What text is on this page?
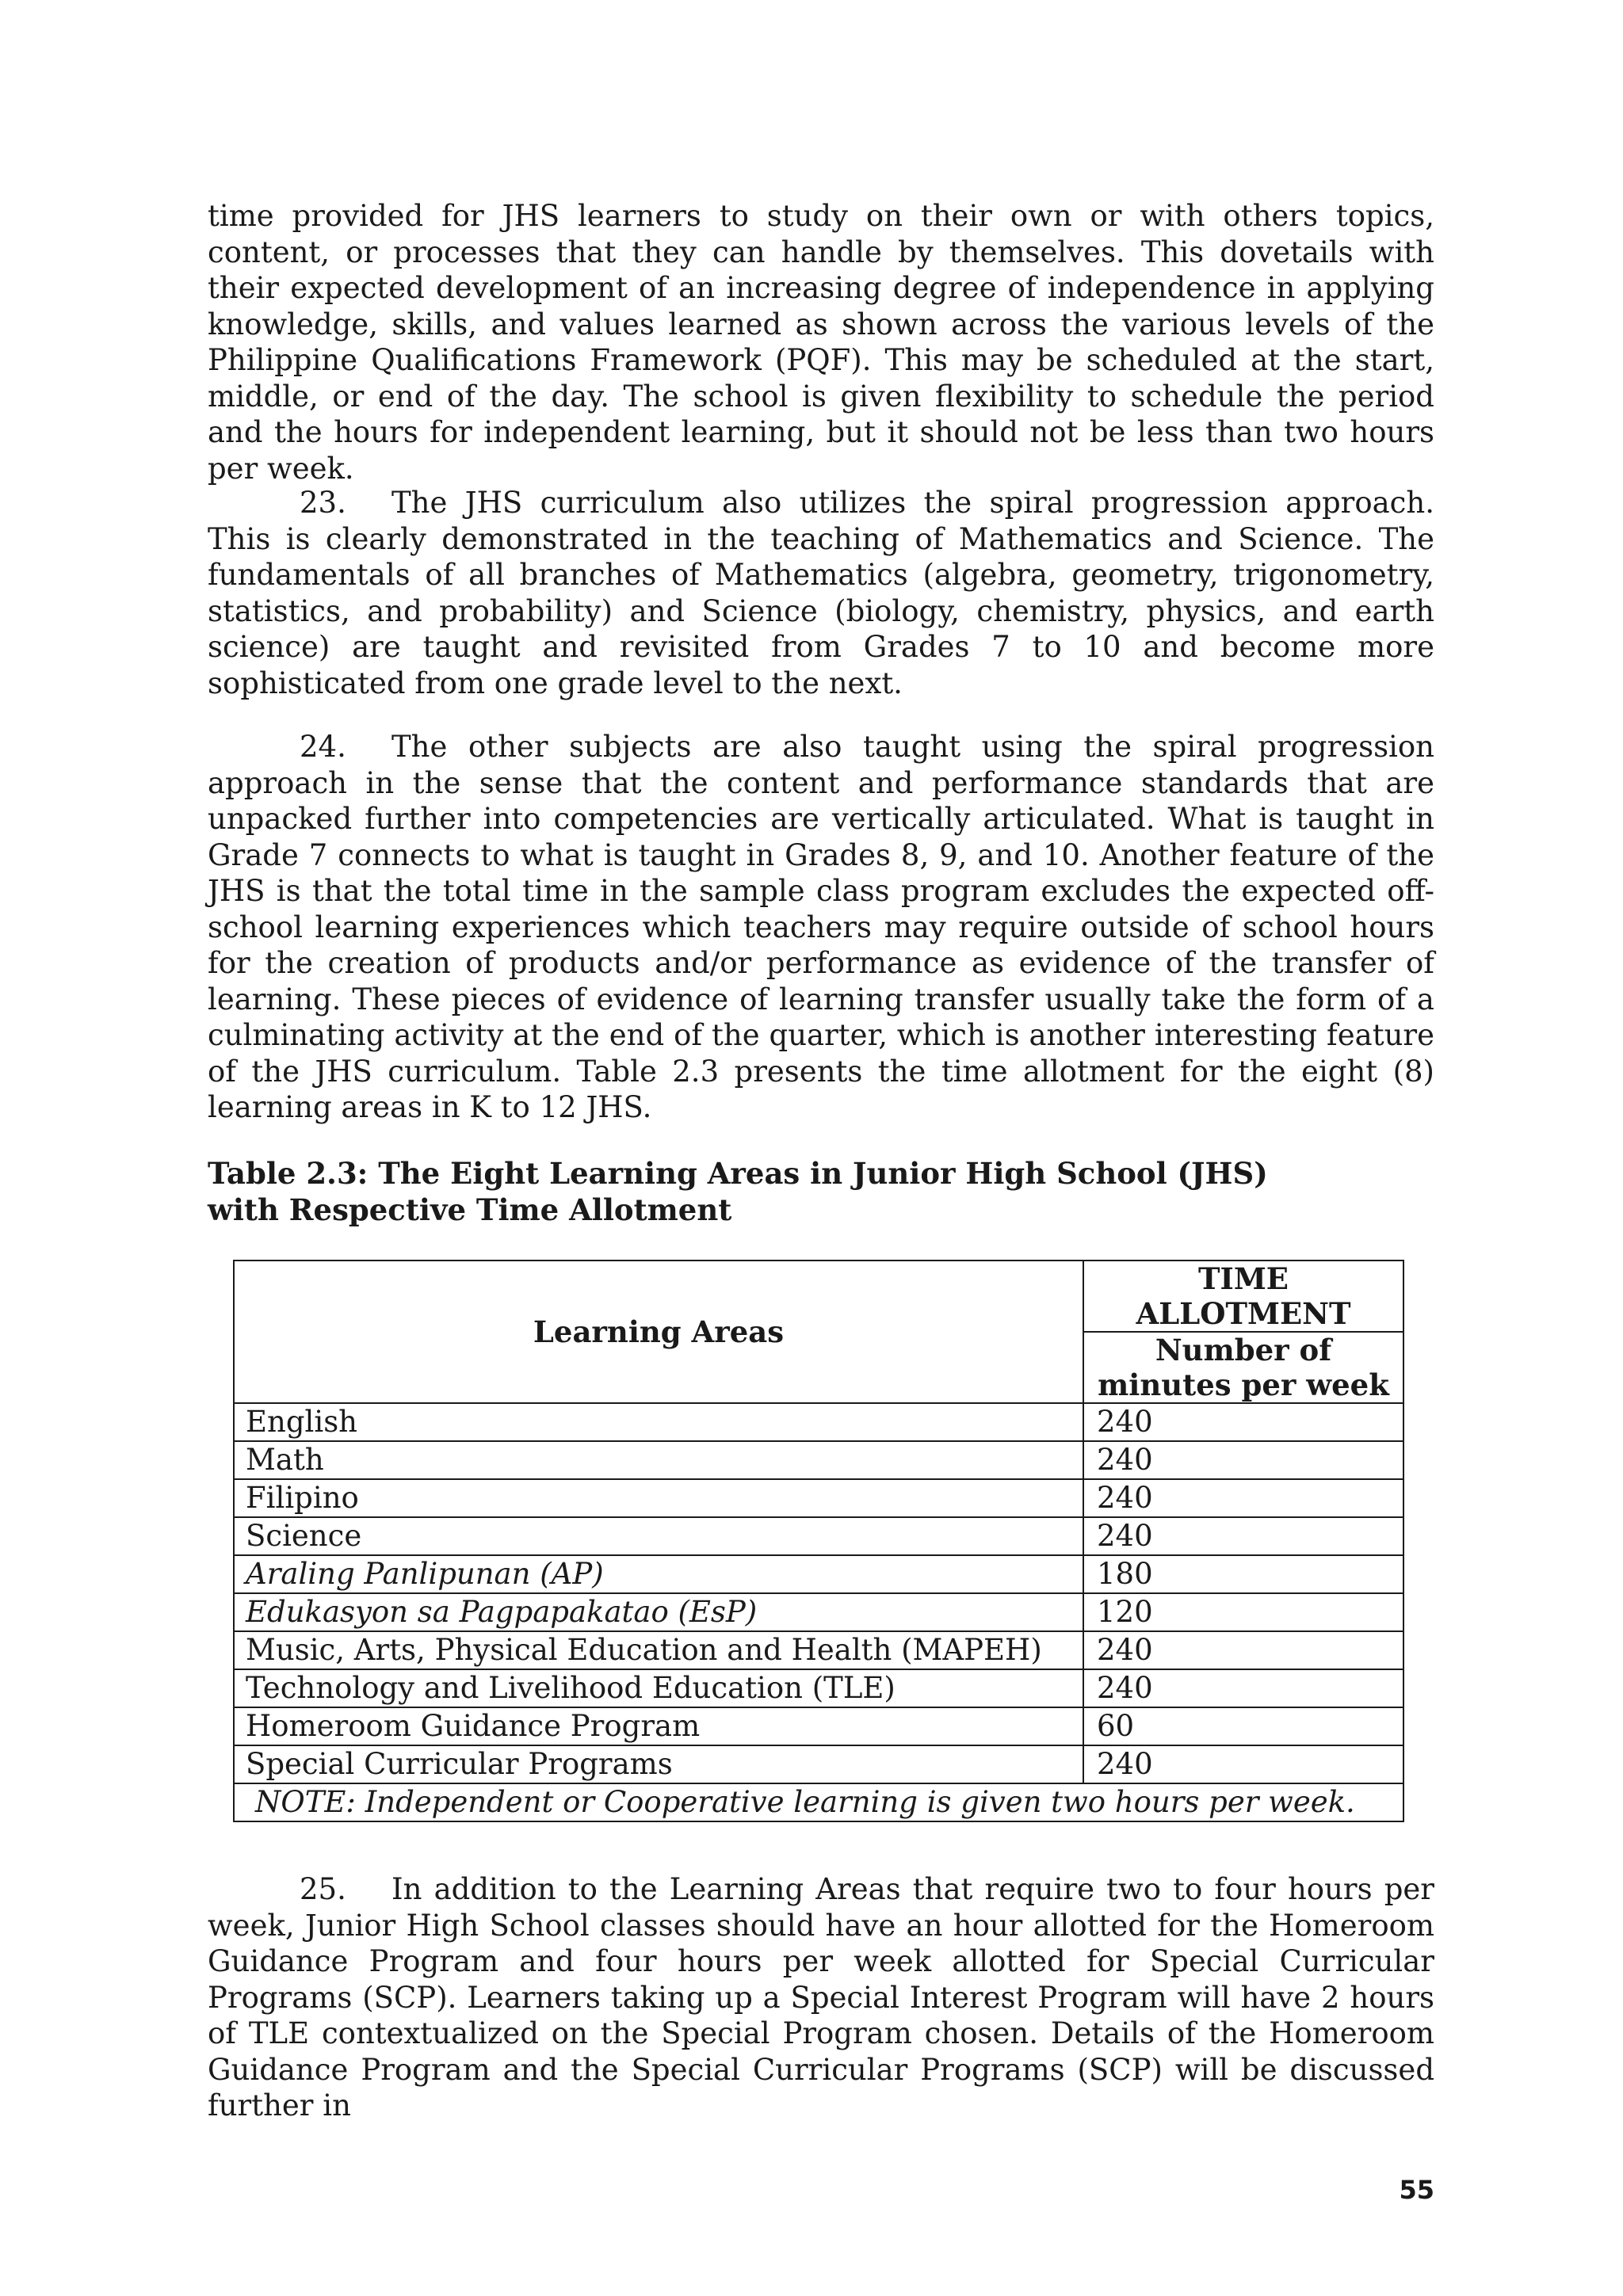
time provided for JHS learners to study on their own or with others topics, content, or processes that they can handle by themselves. This dovetails with their expected development of an increasing degree of independence in applying knowledge, skills, and values learned as shown across the various levels of the Philippine Qualifications Framework (PQF). This may be scheduled at the start, middle, or end of the day. The school is given flexibility to schedule the period and the hours for independent learning, but it should not be less than two hours per week.

23. The JHS curriculum also utilizes the spiral progression approach. This is clearly demonstrated in the teaching of Mathematics and Science. The fundamentals of all branches of Mathematics (algebra, geometry, trigonometry, statistics, and probability) and Science (biology, chemistry, physics, and earth science) are taught and revisited from Grades 7 to 10 and become more sophisticated from one grade level to the next.

24. The other subjects are also taught using the spiral progression approach in the sense that the content and performance standards that are unpacked further into competencies are vertically articulated. What is taught in Grade 7 connects to what is taught in Grades 8, 9, and 10. Another feature of the JHS is that the total time in the sample class program excludes the expected off-school learning experiences which teachers may require outside of school hours for the creation of products and/or performance as evidence of the transfer of learning. These pieces of evidence of learning transfer usually take the form of a culminating activity at the end of the quarter, which is another interesting feature of the JHS curriculum. Table 2.3 presents the time allotment for the eight (8) learning areas in K to 12 JHS.

Table 2.3: The Eight Learning Areas in Junior High School (JHS)
with Respective Time Allotment

Learning Areas	TIME ALLOTMENT
	Number of minutes per week
English	240
Math	240
Filipino	240
Science	240
Araling Panlipunan (AP)	180
Edukasyon sa Pagpapakatao (EsP)	120
Music, Arts, Physical Education and Health (MAPEH)	240
Technology and Livelihood Education (TLE)	240
Homeroom Guidance Program	60
Special Curricular Programs	240
NOTE: Independent or Cooperative learning is given two hours per week.	

25. In addition to the Learning Areas that require two to four hours per week, Junior High School classes should have an hour allotted for the Homeroom Guidance Program and four hours per week allotted for Special Curricular Programs (SCP). Learners taking up a Special Interest Program will have 2 hours of TLE contextualized on the Special Program chosen. Details of the Homeroom Guidance Program and the Special Curricular Programs (SCP) will be discussed further in

55
